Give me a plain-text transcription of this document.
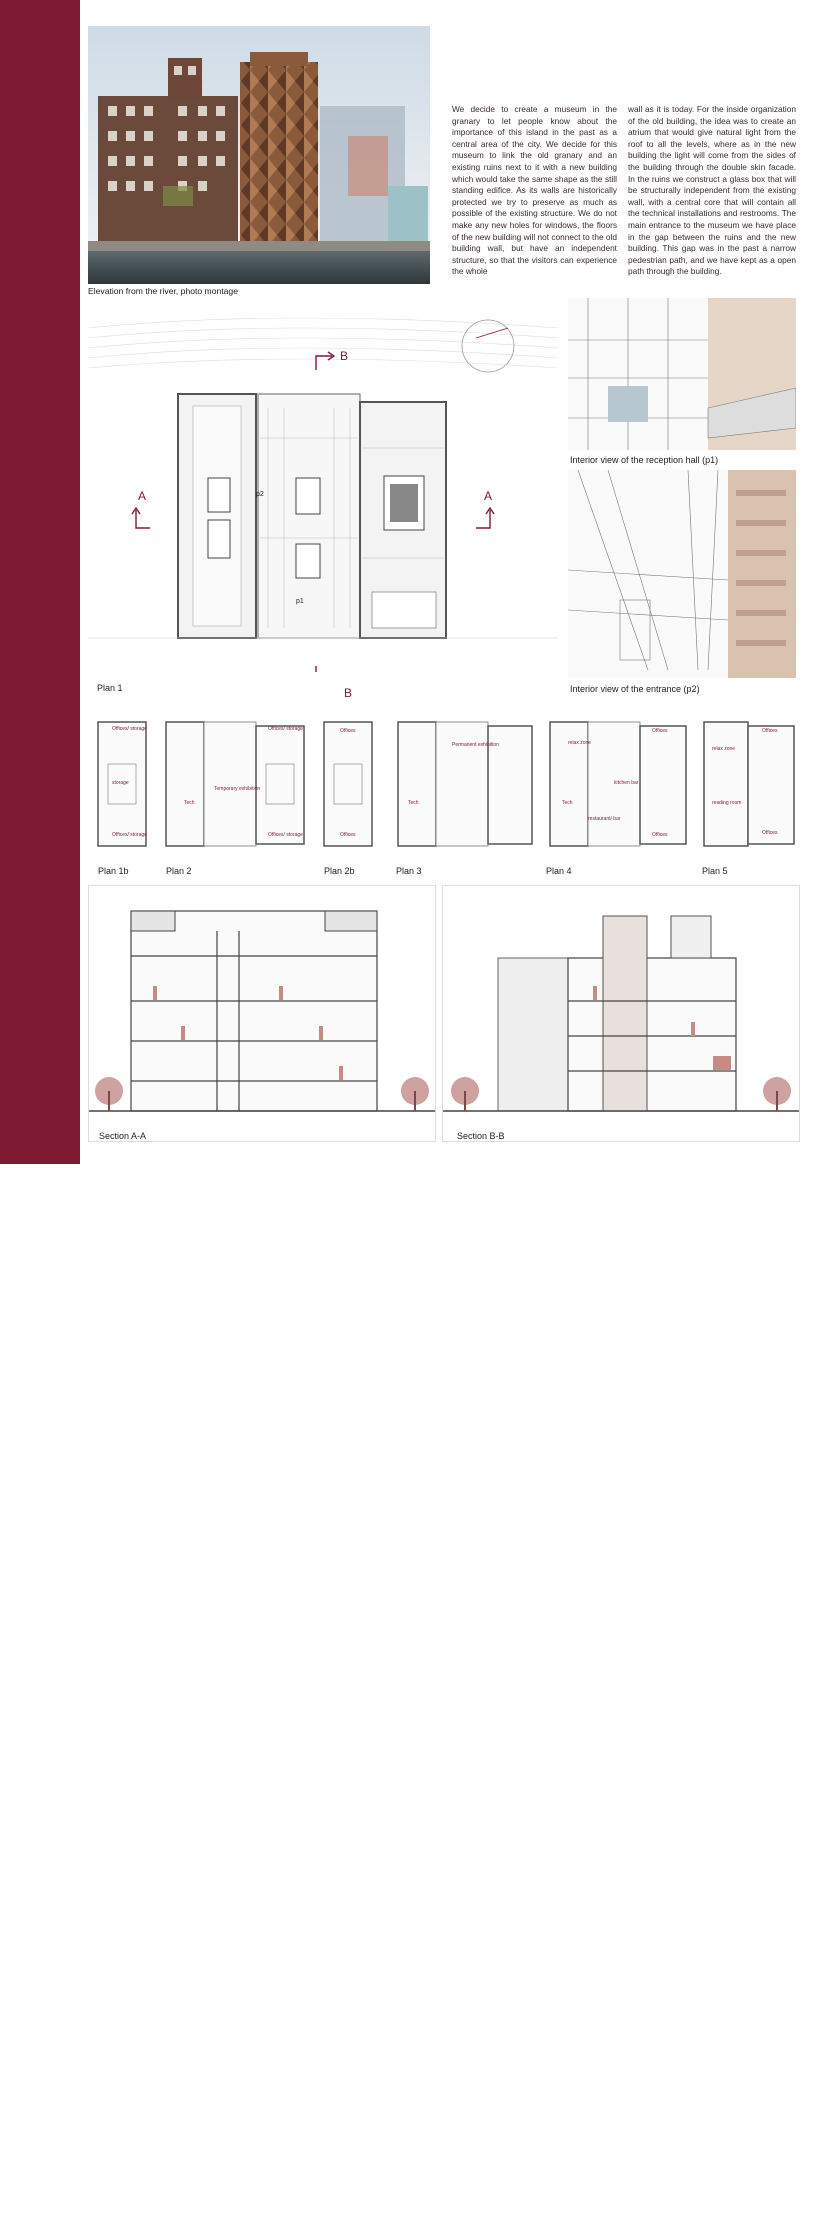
THEORY OF CONSERVATIONGranary Museum
Katrin Lysvret, Maria Revilla, Monika Wróblewska, , Alexandra Zeller - Master II
Elevation from the river, photo montage

We decide to create a museum in the granary to let people know about the importance of this island in the past as a central area of the city. We decide for this museum to link the old granary and an existing ruins next to it with a new building which would take the same shape as the still standing edifice. As its walls are historically protected we try to preserve as much as possible of the existing structure. We do not make any new holes for windows, the floors of the new building will not connect to the old building wall, but have an independent structure, so that the visitors can experience the whole

wall as it is today. For the inside organization of the old building, the idea was to create an atrium that would give natural light from the roof to all the levels, where as in the new building the light will come from the sides of the building through the double skin facade. In the ruins we construct a glass box that will be structurally independent from the existing wall, with a central core that will contain all the technical installations and restrooms. The main entrance to the museum we have place in the gap between the ruins and the new building. This gap was in the past a narrow pedestrian path, and we have kept as a open path through the building.

B
B
A	A
p2
p1
Plan 1
Interior view of the reception hall (p1)
Interior view of the entrance (p2)
Offices/ storage
storage
Offices/ storage
Offices/ storage
Temporary exhibition
Tech
Offices/ storage
Offices
Offices
Permanent exhibition
Tech
relax zone
Offices
kitchen bar
Tech
restaurant/ bar
Offices
relax zone
Offices
reading room
Offices
Plan 1b	Plan 2	Plan 2b	Plan 3	Plan 4	Plan 5
Section A-A	Section B-B
